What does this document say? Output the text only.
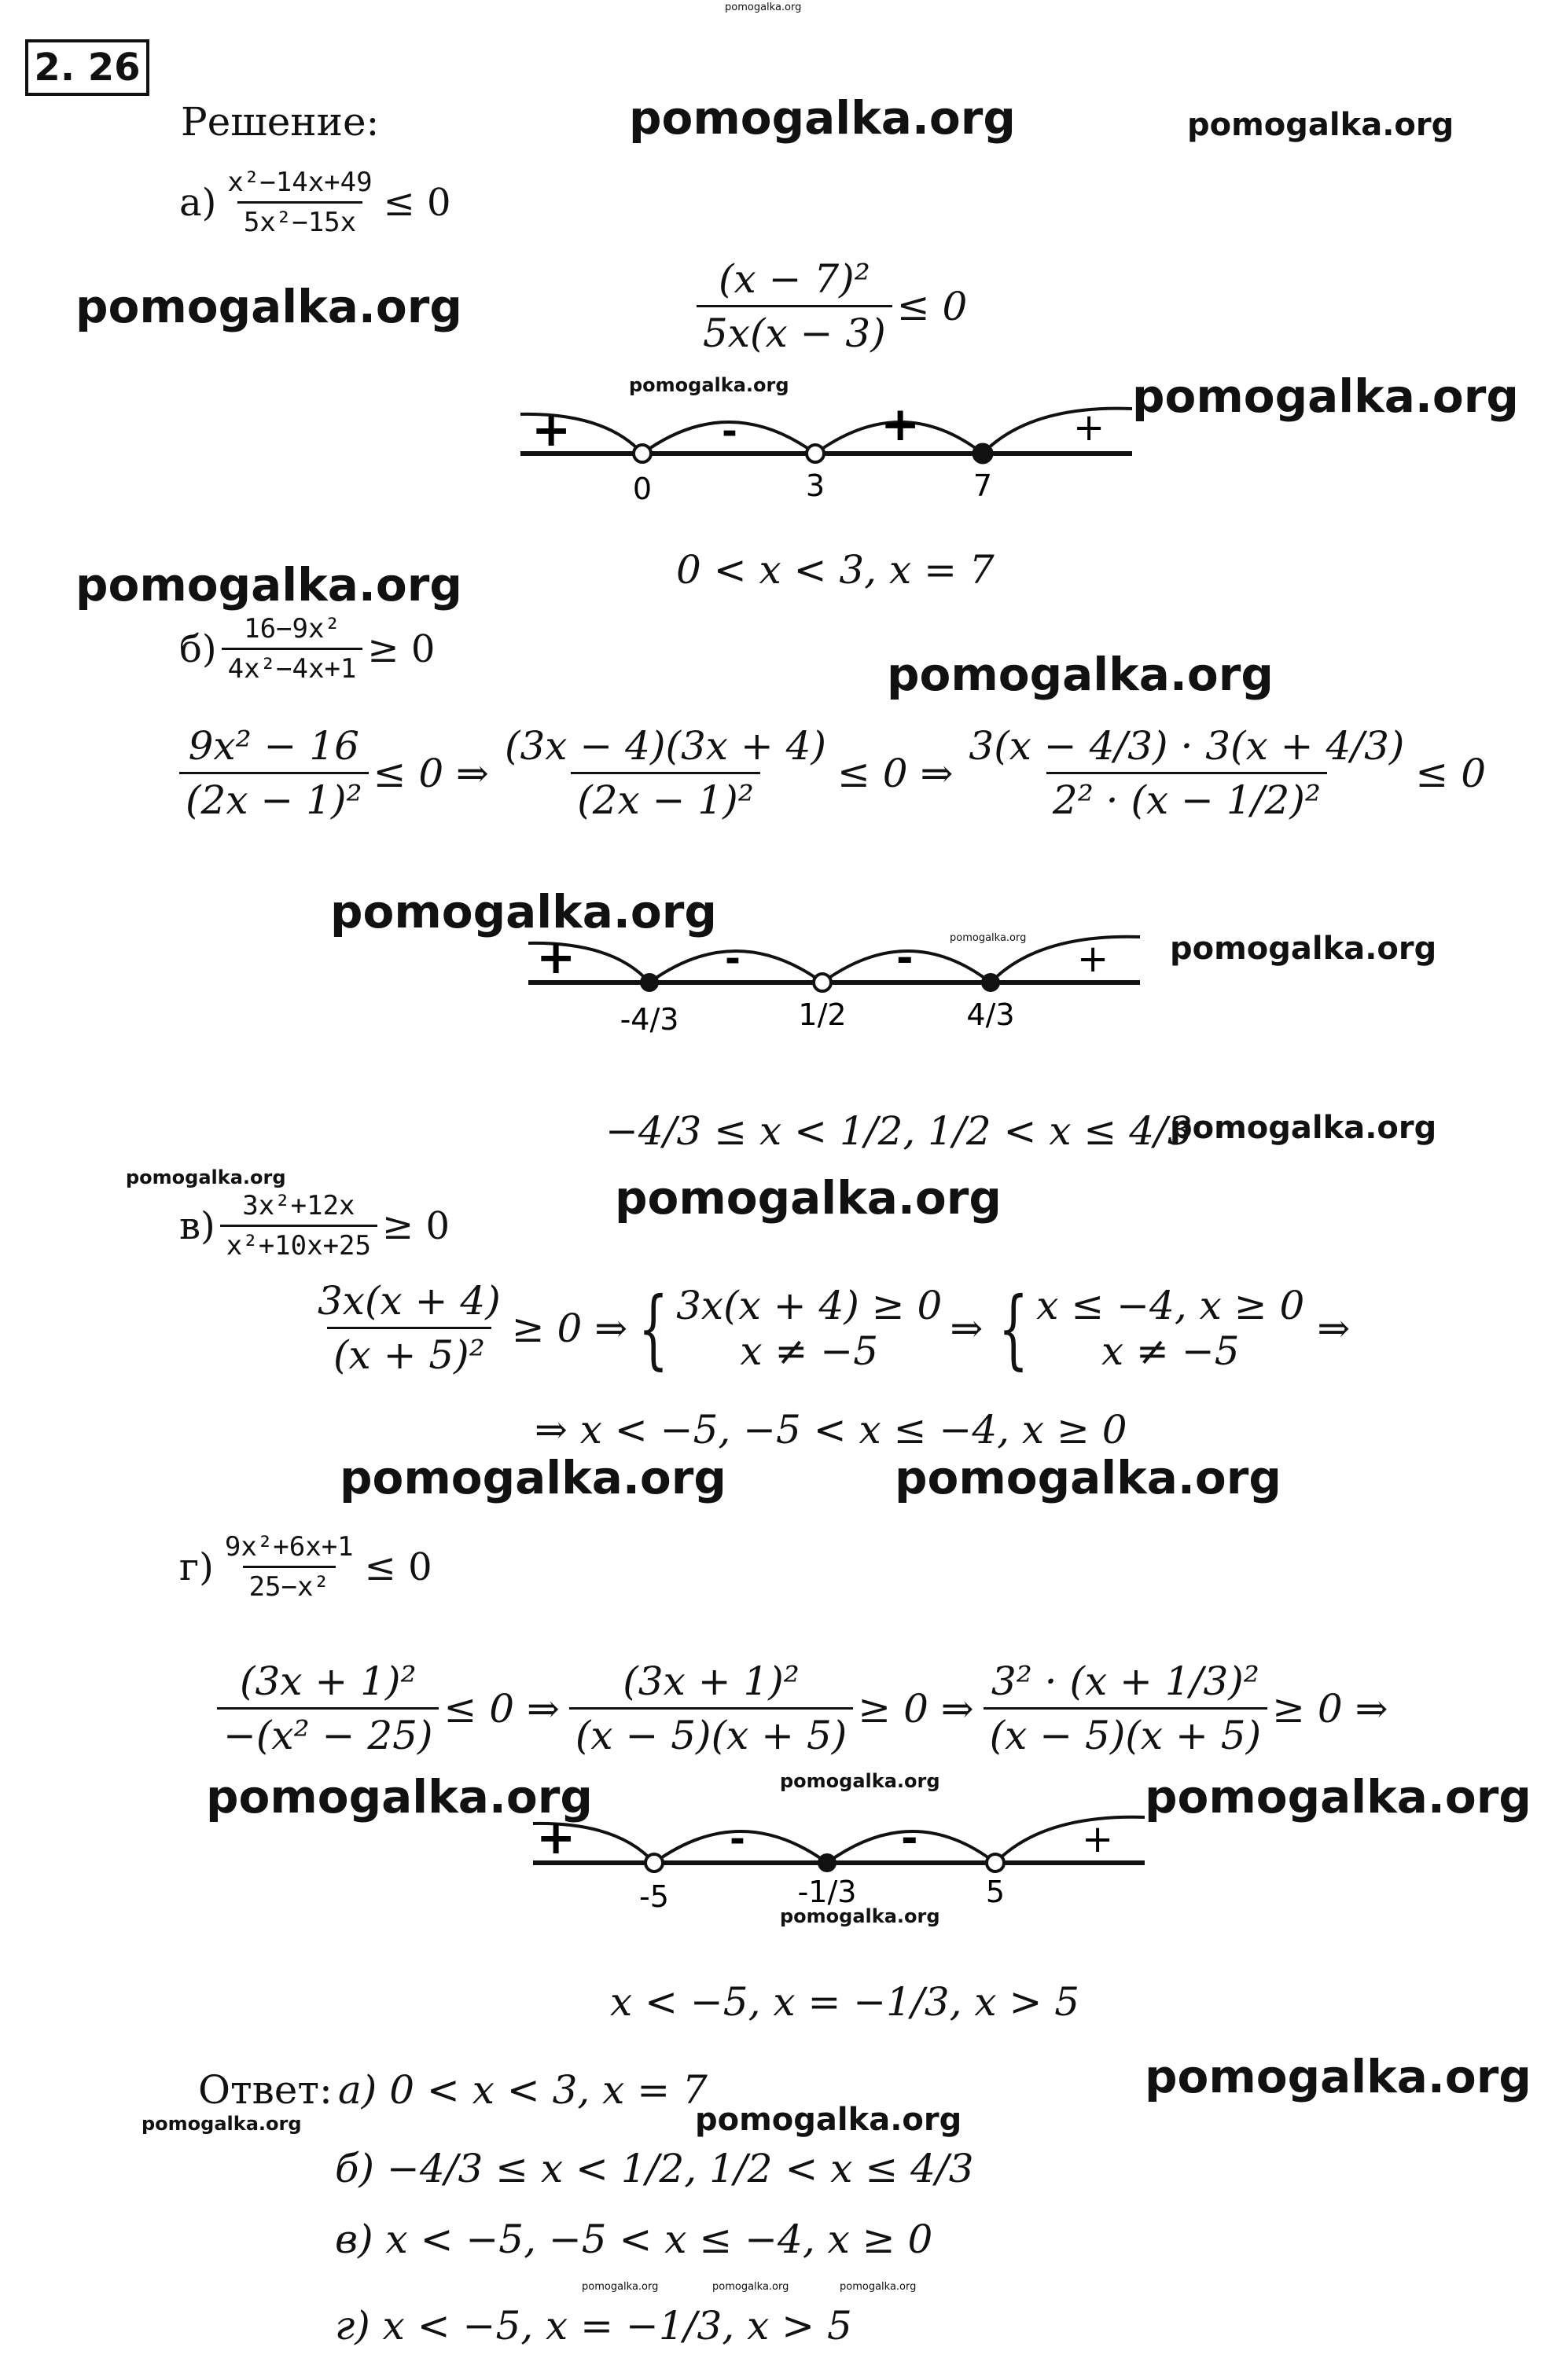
pomogalka.org
2. 26
Решение:	pomogalka.org	pomogalka.org
pomogalka.org
$а) \frac{\text{x²−14x+49}}{\text{5x²−15x}} \le 0$
$\frac{\text{(x − 7)²}}{5x(x - 3)} \le 0$
pomogalka.org	pomogalka.org
+	-	+	+
0	3	7
pomogalka.org	0 < x < 3, x = 7
$б) \frac{\text{16−9x²}}{\text{4x²−4x+1}} \ge 0$	pomogalka.org
$\frac{\text{9x² − 16}}{\text{(2x − 1)²}} \le 0$ ⇒ $\frac{(3x - 4)(3x + 4)}{\text{(2x − 1)²}} \le 0$ ⇒ $\frac{3(x - 4/3) \cdot 3(x + 4/3)}{\text{2² · (x − 1/2)²}} \le 0$
pomogalka.org	pomogalka.org	pomogalka.org
+	-	-	+
-4/3	1/2	4/3
−4/3 ≤ x < 1/2, 1/2 < x ≤ 4/3
pomogalka.org
pomogalka.org	pomogalka.org
$в) \frac{\text{3x²+12x}}{\text{x²+10x+25}} \ge 0$
$\frac{3x(x + 4)}{\text{(x + 5)²}} \ge 0$ ⇒ { 3x(x + 4) ≥ 0
x ≠ −5 ⇒ { x ≤ −4, x ≥ 0
x ≠ −5 ⇒
⇒ x < −5, −5 < x ≤ −4, x ≥ 0
pomogalka.org	pomogalka.org
$г) \frac{\text{9x²+6x+1}}{\text{25−x²}} \le 0$
$\frac{\text{(3x + 1)²}}{\text{−(x² − 25)}} \le 0$ ⇒ $\frac{\text{(3x + 1)²}}{(x - 5)(x + 5)} \ge 0$ ⇒ $\frac{\text{3² · (x + 1/3)²}}{(x - 5)(x + 5)} \ge 0$ ⇒
pomogalka.org	pomogalka.org	pomogalka.org
+	-	-	+
-5	-1/3	5
pomogalka.org
x < −5, x = −1/3, x > 5
Ответ: а) 0 < x < 3, x = 7
pomogalka.org	pomogalka.org
pomogalka.org
б) −4/3 ≤ x < 1/2, 1/2 < x ≤ 4/3
в) x < −5, −5 < x ≤ −4, x ≥ 0
г) x < −5, x = −1/3, x > 5
pomogalka.org	pomogalka.org	pomogalka.org
